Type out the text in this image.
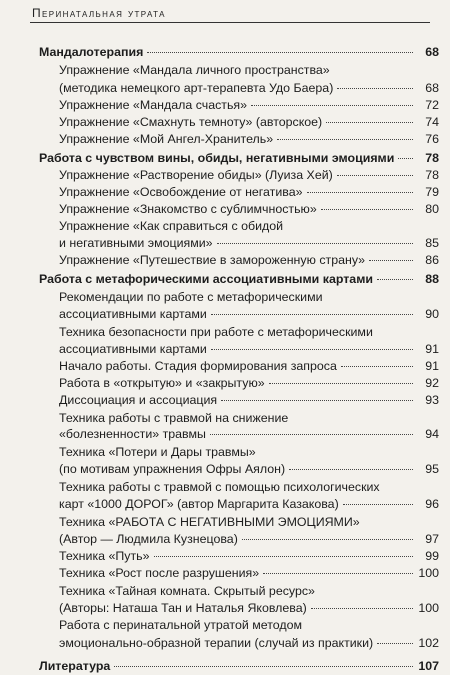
Перинатальная утрата
Мандалотерапия	68
Упражнение «Мандала личного пространства»
(методика немецкого арт-терапевта Удо Баера)	68
Упражнение «Мандала счастья»	72
Упражнение «Смахнуть темноту» (авторское)	74
Упражнение «Мой Ангел-Хранитель»	76
Работа с чувством вины, обиды, негативными эмоциями	78
Упражнение «Растворение обиды» (Луиза Хей)	78
Упражнение «Освобождение от негатива»	79
Упражнение «Знакомство с сублимчностью»	80
Упражнение «Как справиться с обидой
и негативными эмоциями»	85
Упражнение «Путешествие в замороженную страну»	86
Работа с метафорическими ассоциативными картами	88
Рекомендации по работе с метафорическими
ассоциативными картами	90
Техника безопасности при работе с метафорическими
ассоциативными картами	91
Начало работы. Стадия формирования запроса	91
Работа в «открытую» и «закрытую»	92
Диссоциация и ассоциация	93
Техника работы с травмой на снижение
«болезненности» травмы	94
Техника «Потери и Дары травмы»
(по мотивам упражнения Офры Аялон)	95
Техника работы с травмой с помощью психологических
карт «1000 ДОРОГ» (автор Маргарита Казакова)	96
Техника «РАБОТА С НЕГАТИВНЫМИ ЭМОЦИЯМИ»
(Автор — Людмила Кузнецова)	97
Техника «Путь»	99
Техника «Рост после разрушения»	100
Техника «Тайная комната. Скрытый ресурс»
(Авторы: Наташа Тан и Наталья Яковлева)	100
Работа с перинатальной утратой методом
эмоционально-образной терапии (случай из практики)	102
Литература	107
